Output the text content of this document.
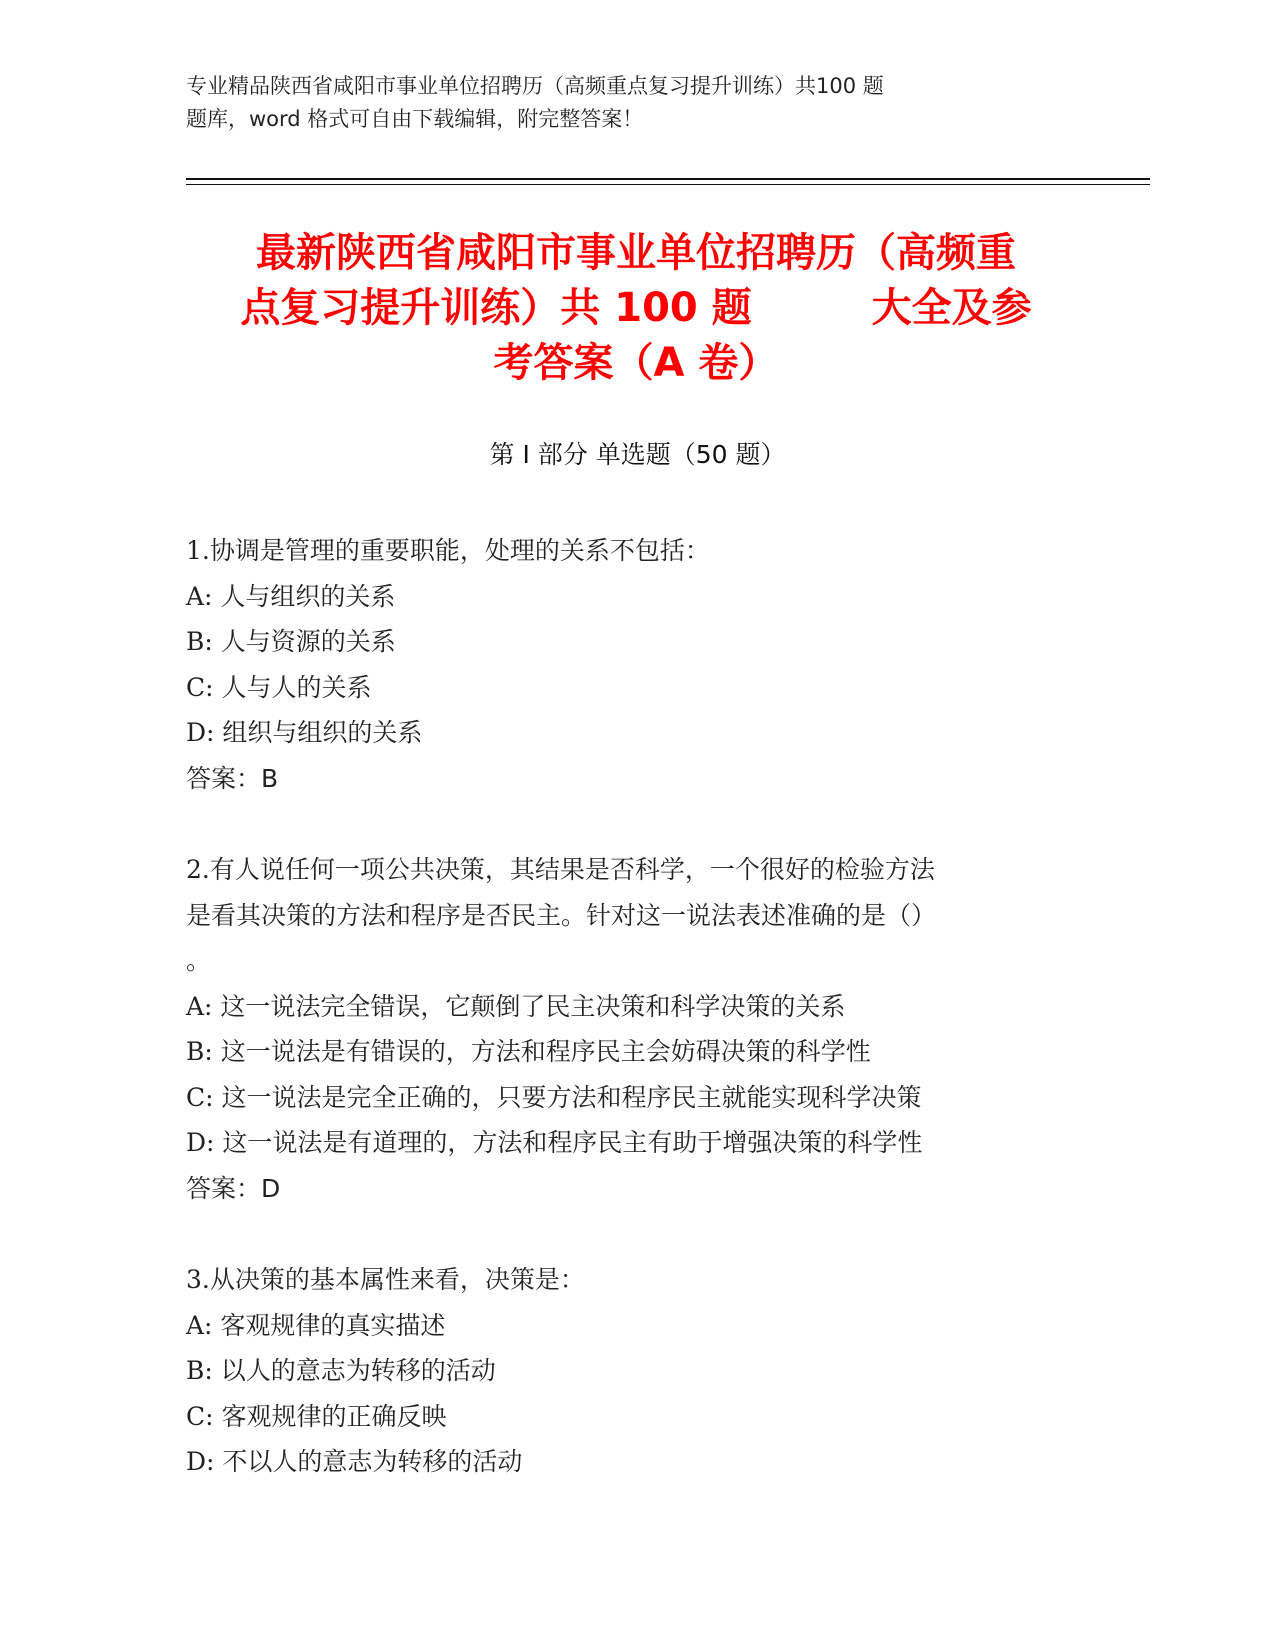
专业精品陕西省咸阳市事业单位招聘历（高频重点复习提升训练）共100 题
题库，word 格式可自由下载编辑，附完整答案！
最新陕西省咸阳市事业单位招聘历（高频重
点复习提升训练）共 100 题	大全及参
考答案（A 卷）
第 I 部分 单选题（50 题）
1.协调是管理的重要职能，处理的关系不包括：
A: 人与组织的关系
B: 人与资源的关系
C: 人与人的关系
D: 组织与组织的关系
答案：B
2.有人说任何一项公共决策，其结果是否科学，一个很好的检验方法
是看其决策的方法和程序是否民主。针对这一说法表述准确的是（）
。
A: 这一说法完全错误，它颠倒了民主决策和科学决策的关系
B: 这一说法是有错误的，方法和程序民主会妨碍决策的科学性
C: 这一说法是完全正确的，只要方法和程序民主就能实现科学决策
D: 这一说法是有道理的，方法和程序民主有助于增强决策的科学性
答案：D
3.从决策的基本属性来看，决策是：
A: 客观规律的真实描述
B: 以人的意志为转移的活动
C: 客观规律的正确反映
D: 不以人的意志为转移的活动
